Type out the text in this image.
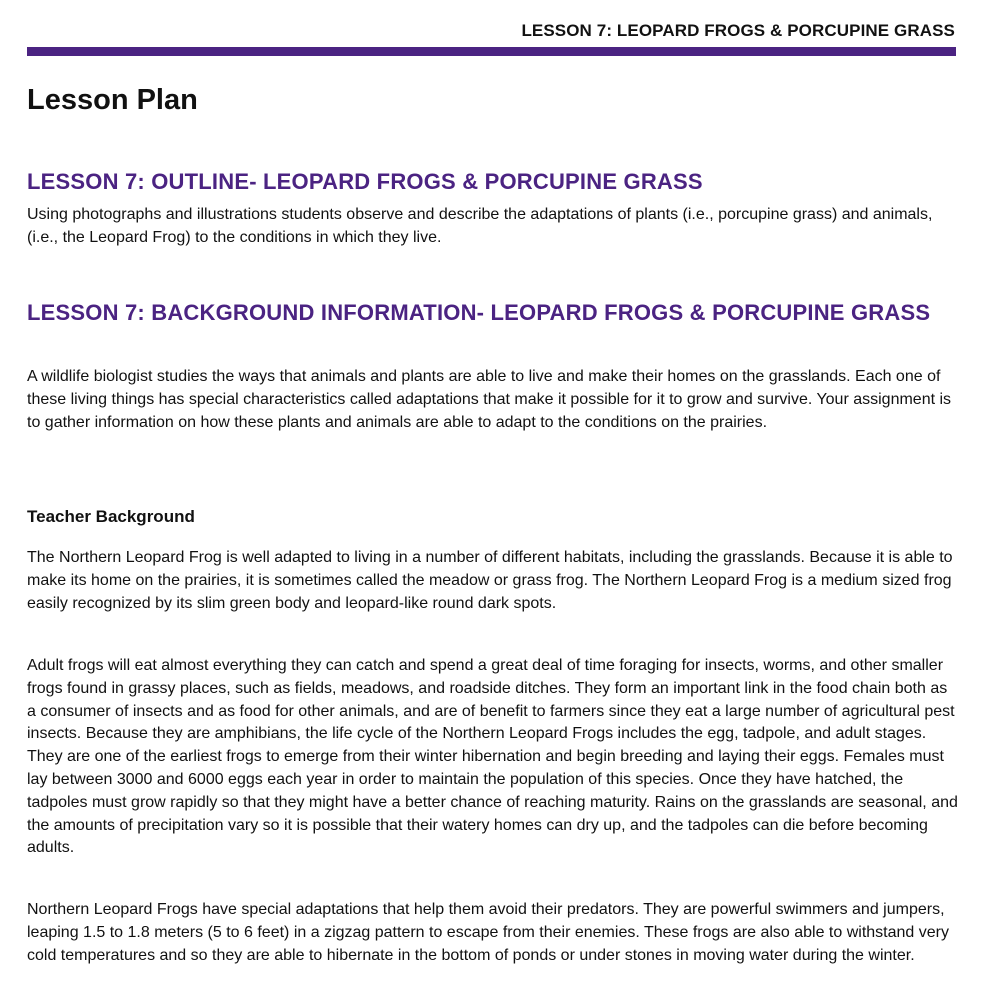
LESSON 7: LEOPARD FROGS & PORCUPINE GRASS
Lesson Plan
LESSON 7: OUTLINE- LEOPARD FROGS & PORCUPINE GRASS

Using photographs and illustrations students observe and describe the adaptations of plants (i.e., porcupine grass) and animals, (i.e., the Leopard Frog) to the conditions in which they live.

LESSON 7: BACKGROUND INFORMATION- LEOPARD FROGS & PORCUPINE GRASS

A wildlife biologist studies the ways that animals and plants are able to live and make their homes on the grasslands. Each one of these living things has special characteristics called adaptations that make it possible for it to grow and survive. Your assignment is to gather information on how these plants and animals are able to adapt to the conditions on the prairies.

Teacher Background

The Northern Leopard Frog is well adapted to living in a number of different habitats, including the grasslands. Because it is able to make its home on the prairies, it is sometimes called the meadow or grass frog. The Northern Leopard Frog is a medium sized frog easily recognized by its slim green body and leopard-like round dark spots.

Adult frogs will eat almost everything they can catch and spend a great deal of time foraging for insects, worms, and other smaller frogs found in grassy places, such as fields, meadows, and roadside ditches. They form an important link in the food chain both as a consumer of insects and as food for other animals, and are of benefit to farmers since they eat a large number of agricultural pest insects. Because they are amphibians, the life cycle of the Northern Leopard Frogs includes the egg, tadpole, and adult stages. They are one of the earliest frogs to emerge from their winter hibernation and begin breeding and laying their eggs. Females must lay between 3000 and 6000 eggs each year in order to maintain the population of this species. Once they have hatched, the tadpoles must grow rapidly so that they might have a better chance of reaching maturity. Rains on the grasslands are seasonal, and the amounts of precipitation vary so it is possible that their watery homes can dry up, and the tadpoles can die before becoming adults.

Northern Leopard Frogs have special adaptations that help them avoid their predators. They are powerful swimmers and jumpers, leaping 1.5 to 1.8 meters (5 to 6 feet) in a zigzag pattern to escape from their enemies. These frogs are also able to withstand very cold temperatures and so they are able to hibernate in the bottom of ponds or under stones in moving water during the winter.
